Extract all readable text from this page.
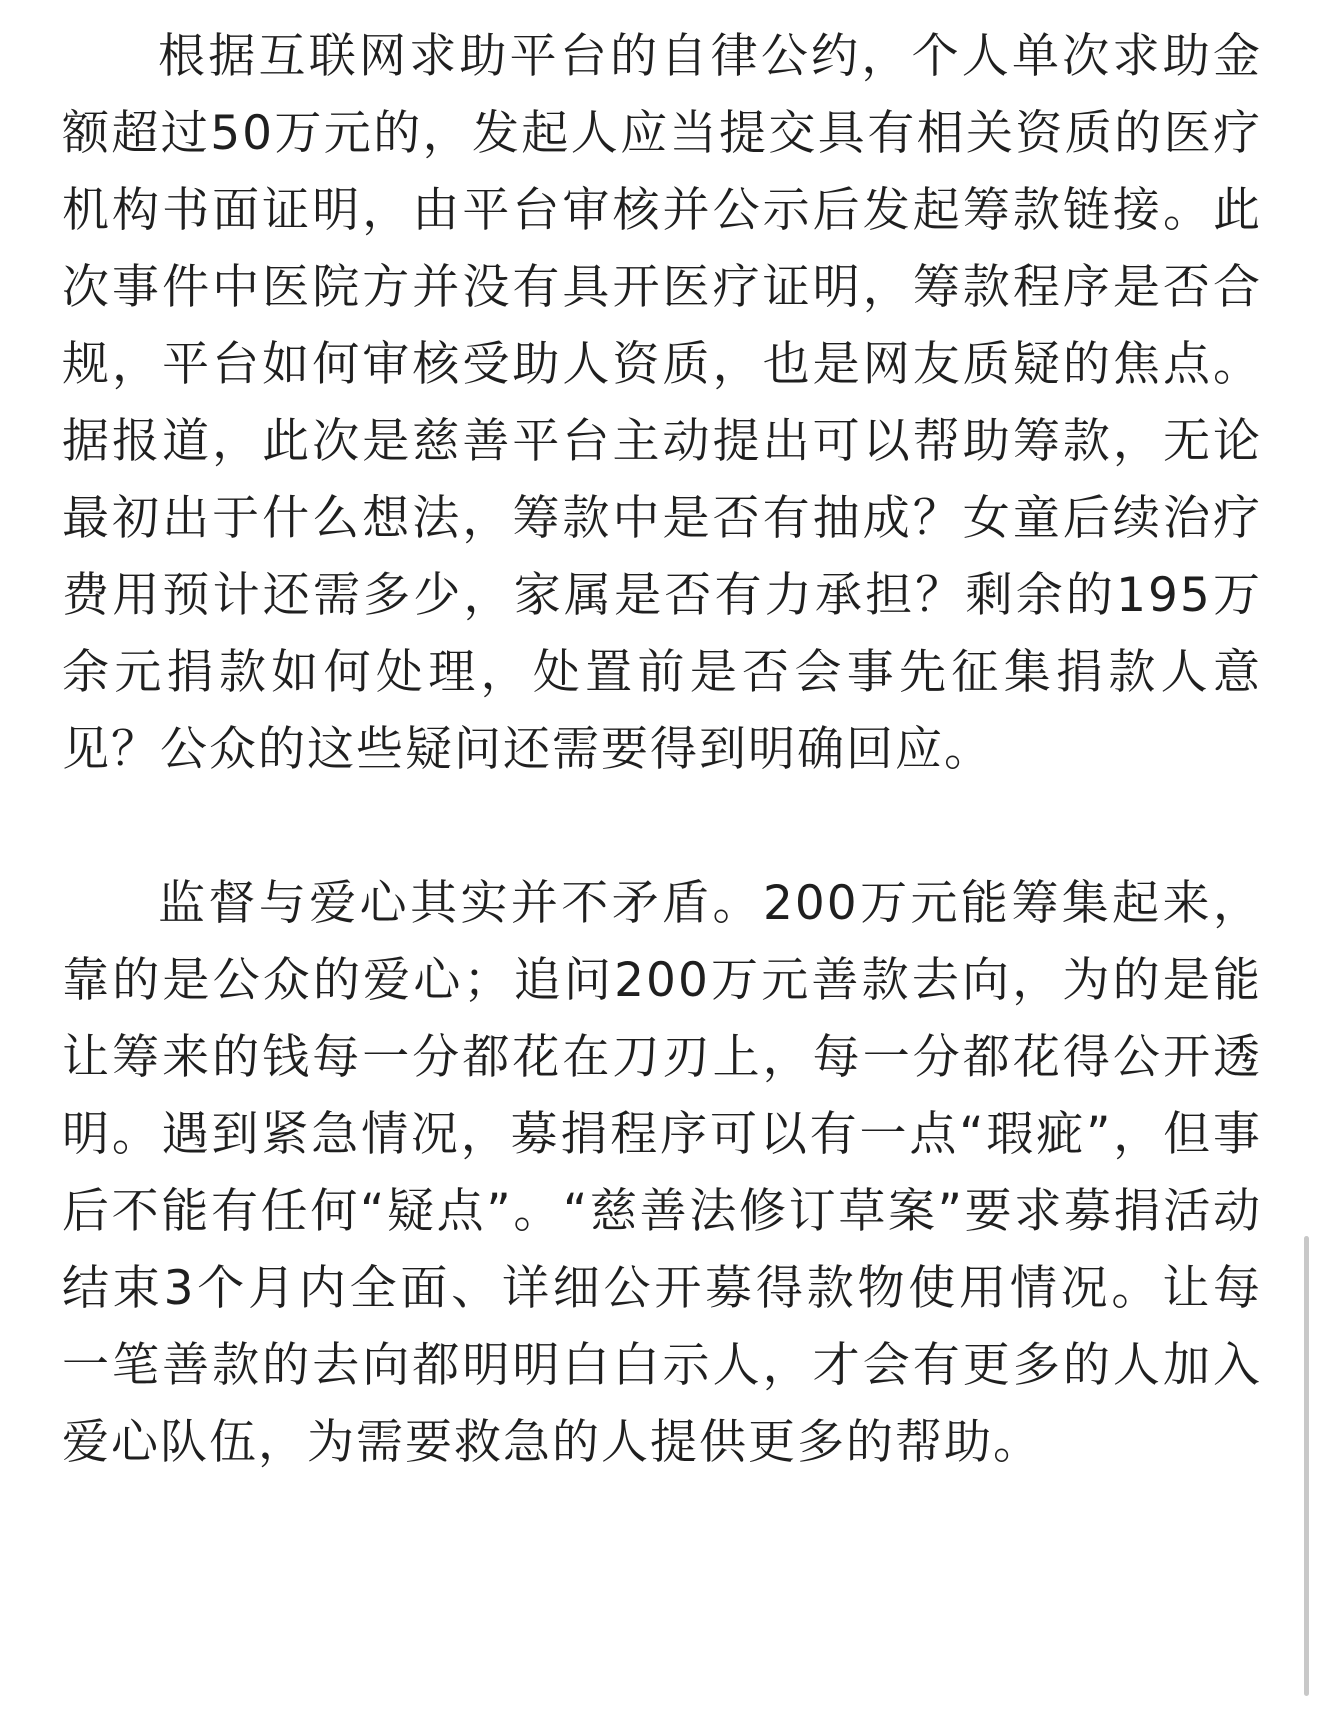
根据互联网求助平台的自律公约，个人单次求助金额超过50万元的，发起人应当提交具有相关资质的医疗机构书面证明，由平台审核并公示后发起筹款链接。此次事件中医院方并没有具开医疗证明，筹款程序是否合规，平台如何审核受助人资质，也是网友质疑的焦点。据报道，此次是慈善平台主动提出可以帮助筹款，无论最初出于什么想法，筹款中是否有抽成？女童后续治疗费用预计还需多少，家属是否有力承担？剩余的195万余元捐款如何处理，处置前是否会事先征集捐款人意见？公众的这些疑问还需要得到明确回应。

监督与爱心其实并不矛盾。200万元能筹集起来，靠的是公众的爱心；追问200万元善款去向，为的是能让筹来的钱每一分都花在刀刃上，每一分都花得公开透明。遇到紧急情况，募捐程序可以有一点“瑕疵”，但事后不能有任何“疑点”。“慈善法修订草案”要求募捐活动结束3个月内全面、详细公开募得款物使用情况。让每一笔善款的去向都明明白白示人，才会有更多的人加入爱心队伍，为需要救急的人提供更多的帮助。
